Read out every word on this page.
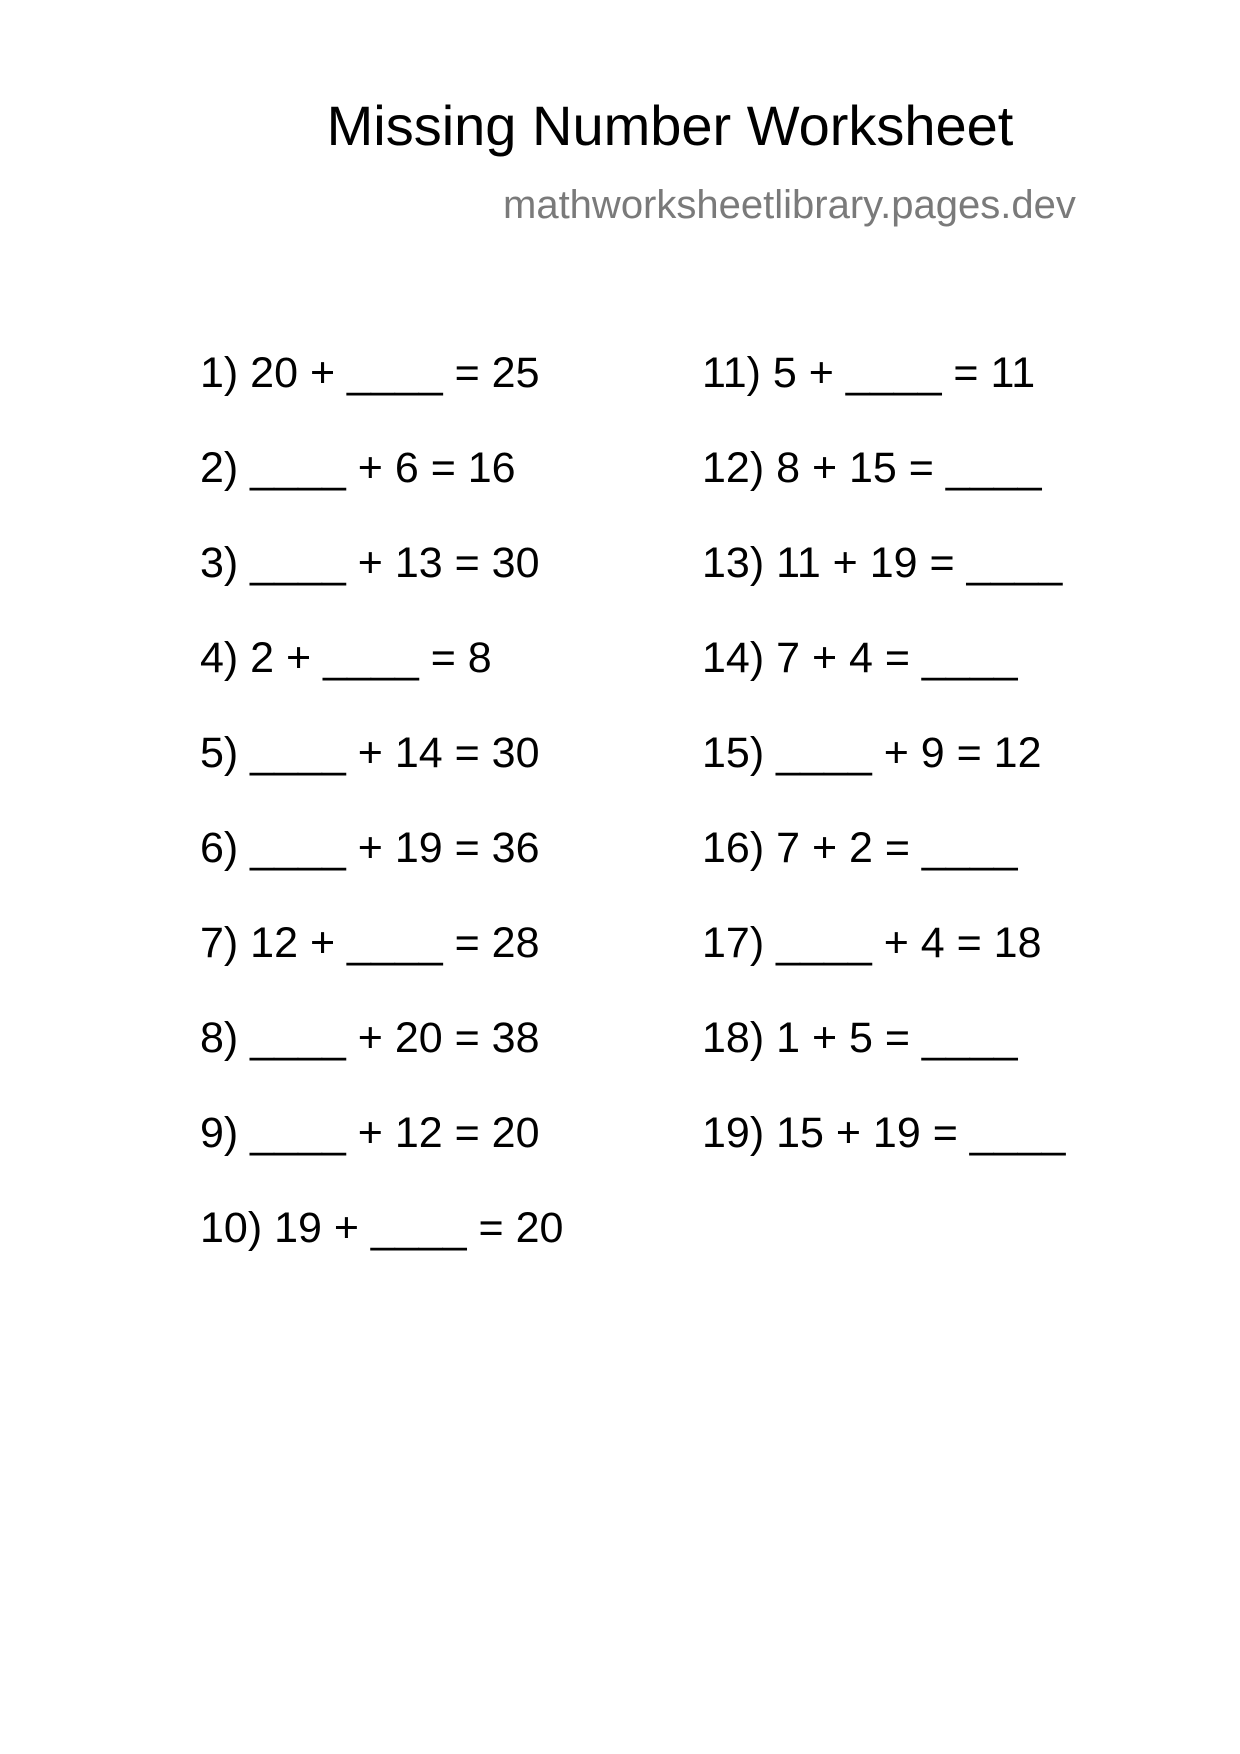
Missing Number Worksheet
mathworksheetlibrary.pages.dev
1) 20 + ____ = 25
2) ____ + 6 = 16
3) ____ + 13 = 30
4) 2 + ____ = 8
5) ____ + 14 = 30
6) ____ + 19 = 36
7) 12 + ____ = 28
8) ____ + 20 = 38
9) ____ + 12 = 20
10) 19 + ____ = 20
11) 5 + ____ = 11
12) 8 + 15 = ____
13) 11 + 19 = ____
14) 7 + 4 = ____
15) ____ + 9 = 12
16) 7 + 2 = ____
17) ____ + 4 = 18
18) 1 + 5 = ____
19) 15 + 19 = ____
